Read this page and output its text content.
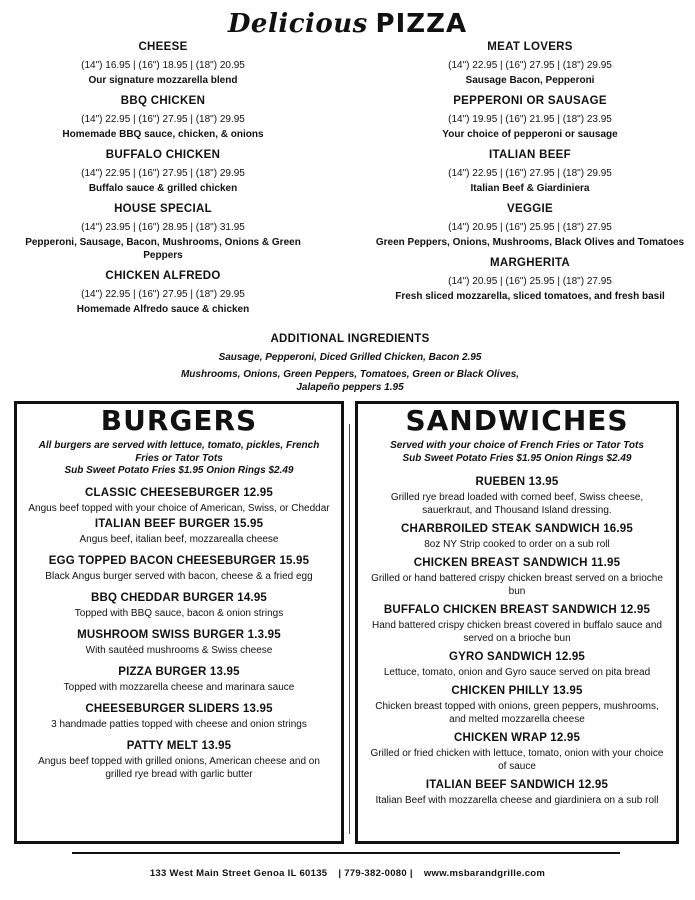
Delicious PIZZA
CHEESE
(14") 16.95 | (16") 18.95 | (18") 20.95
Our signature mozzarella blend
BBQ CHICKEN
(14") 22.95 | (16") 27.95 | (18") 29.95
Homemade BBQ sauce, chicken, & onions
BUFFALO CHICKEN
(14") 22.95 | (16") 27.95 | (18") 29.95
Buffalo sauce & grilled chicken
HOUSE SPECIAL
(14") 23.95 | (16") 28.95 | (18") 31.95
Pepperoni, Sausage, Bacon, Mushrooms, Onions & Green Peppers
CHICKEN ALFREDO
(14") 22.95 | (16") 27.95 | (18") 29.95
Homemade Alfredo sauce & chicken
MEAT LOVERS
(14") 22.95 | (16") 27.95 | (18") 29.95
Sausage Bacon, Pepperoni
PEPPERONI OR SAUSAGE
(14") 19.95 | (16") 21.95 | (18") 23.95
Your choice of pepperoni or sausage
ITALIAN BEEF
(14") 22.95 | (16") 27.95 | (18") 29.95
Italian Beef & Giardiniera
VEGGIE
(14") 20.95 | (16") 25.95 | (18") 27.95
Green Peppers, Onions, Mushrooms, Black Olives and Tomatoes
MARGHERITA
(14") 20.95 | (16") 25.95 | (18") 27.95
Fresh sliced mozzarella, sliced tomatoes, and fresh basil
ADDITIONAL INGREDIENTS
Sausage, Pepperoni, Diced Grilled Chicken, Bacon 2.95
Mushrooms, Onions, Green Peppers, Tomatoes, Green or Black Olives, Jalapeño peppers 1.95
BURGERS
All burgers are served with lettuce, tomato, pickles, French Fries or Tator Tots
Sub Sweet Potato Fries $1.95 Onion Rings $2.49
CLASSIC CHEESEBURGER 12.95
Angus beef topped with your choice of American, Swiss, or Cheddar
ITALIAN BEEF BURGER 15.95
Angus beef, italian beef, mozzarealla cheese
EGG TOPPED BACON CHEESEBURGER 15.95
Black Angus burger served with bacon, cheese & a fried egg
BBQ CHEDDAR BURGER 14.95
Topped with BBQ sauce, bacon & onion strings
MUSHROOM SWISS BURGER 1.3.95
With sautéed mushrooms & Swiss cheese
PIZZA BURGER 13.95
Topped with mozzarella cheese and marinara sauce
CHEESEBURGER SLIDERS 13.95
3 handmade patties topped with cheese and onion strings
PATTY MELT 13.95
Angus beef topped with grilled onions, American cheese and on grilled rye bread with garlic butter
SANDWICHES
Served with your choice of French Fries or Tator Tots
Sub Sweet Potato Fries $1.95 Onion Rings $2.49
RUEBEN 13.95
Grilled rye bread loaded with corned beef, Swiss cheese, sauerkraut, and Thousand Island dressing.
CHARBROILED STEAK SANDWICH 16.95
8oz NY Strip cooked to order on a sub roll
CHICKEN BREAST SANDWICH 11.95
Grilled or hand battered crispy chicken breast served on a brioche bun
BUFFALO CHICKEN BREAST SANDWICH 12.95
Hand battered crispy chicken breast covered in buffalo sauce and served on a brioche bun
GYRO SANDWICH 12.95
Lettuce, tomato, onion and Gyro sauce served on pita bread
CHICKEN PHILLY 13.95
Chicken breast topped with onions, green peppers, mushrooms, and melted mozzarella cheese
CHICKEN WRAP 12.95
Grilled or fried chicken with lettuce, tomato, onion with your choice of sauce
ITALIAN BEEF SANDWICH 12.95
Italian Beef with mozzarella cheese and giardiniera on a sub roll
133 West Main Street Genoa IL 60135 | 779-382-0080 | www.msbarandgrille.com
